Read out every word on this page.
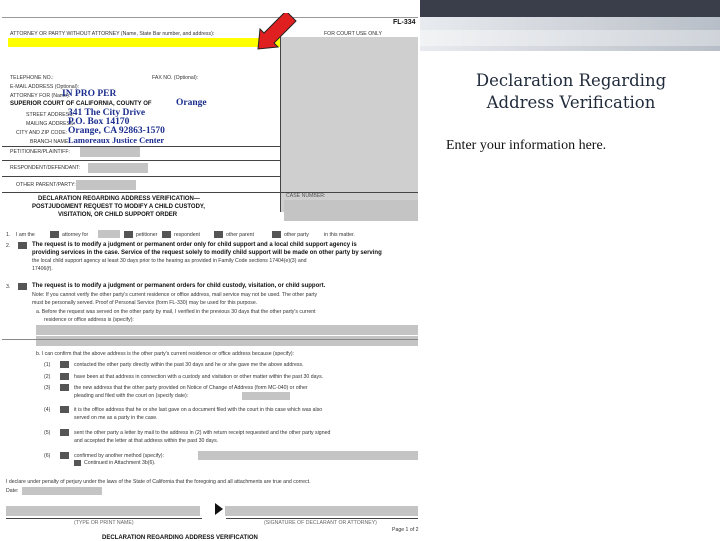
Declaration Regarding Address Verification
Enter your information here.
ATTORNEY OR PARTY WITHOUT ATTORNEY (Name, State Bar number, and address):	FOR COURT USE ONLY
FL-334
TELEPHONE NO.:	FAX NO. (Optional):
E-MAIL ADDRESS (Optional):
ATTORNEY FOR (Name):
IN PRO PER
SUPERIOR COURT OF CALIFORNIA, COUNTY OF	Orange
STREET ADDRESS:
341 The City Drive
MAILING ADDRESS:
P.O. Box 14170
CITY AND ZIP CODE: Orange, CA 92863-1570
BRANCH NAME:
Lamoreaux Justice Center
PETITIONER/PLAINTIFF:
RESPONDENT/DEFENDANT:
OTHER PARENT/PARTY:
DECLARATION REGARDING ADDRESS VERIFICATION—
POSTJUDGMENT REQUEST TO MODIFY A CHILD CUSTODY,
VISITATION, OR CHILD SUPPORT ORDER
CASE NUMBER:
1. I am the	attorney for	petitioner	respondent	other parent	other party	in this matter.
2.	The request is to modify a judgment or permanent order only for child support and a local child support agency is
providing services in the case. Service of the request solely to modify child support will be made on other party by serving
the local child support agency at least 30 days prior to the hearing as provided in Family Code sections 17404(e)(3) and
17406(f).
3.	The request is to modify a judgment or permanent orders for child custody, visitation, or child support.
Note: If you cannot verify the other party's current residence or office address, mail service may not be used. The other party
must be personally served. Proof of Personal Service (form FL-330) may be used for this purpose.
a. Before the request was served on the other party by mail, I verified in the previous 30 days that the other party's current
residence or office address is (specify):
b. I can confirm that the above address is the other party's current residence or office address because (specify):
(1)	contacted the other party directly within the past 30 days and he or she gave me the above address.
(2)	have been at that address in connection with a custody and visitation or other matter within the past 30 days.
(3)	the new address that the other party provided on Notice of Change of Address (form MC-040) or other
pleading and filed with the court on (specify date):
(4)	it is the office address that he or she last gave on a document filed with the court in this case which was also
served on me as a party in the case.
(5)	sent the other party a letter by mail to the address in (2) with return receipt requested and the other party signed
and accepted the letter at that address within the past 30 days.
(6)	confirmed by another method (specify):
Continued in Attachment 3b(6).
I declare under penalty of perjury under the laws of the State of California that the foregoing and all attachments are true and correct.
Date:
(TYPE OR PRINT NAME)	(SIGNATURE OF DECLARANT OR ATTORNEY)
Page 1 of 2
DECLARATION REGARDING ADDRESS VERIFICATION
